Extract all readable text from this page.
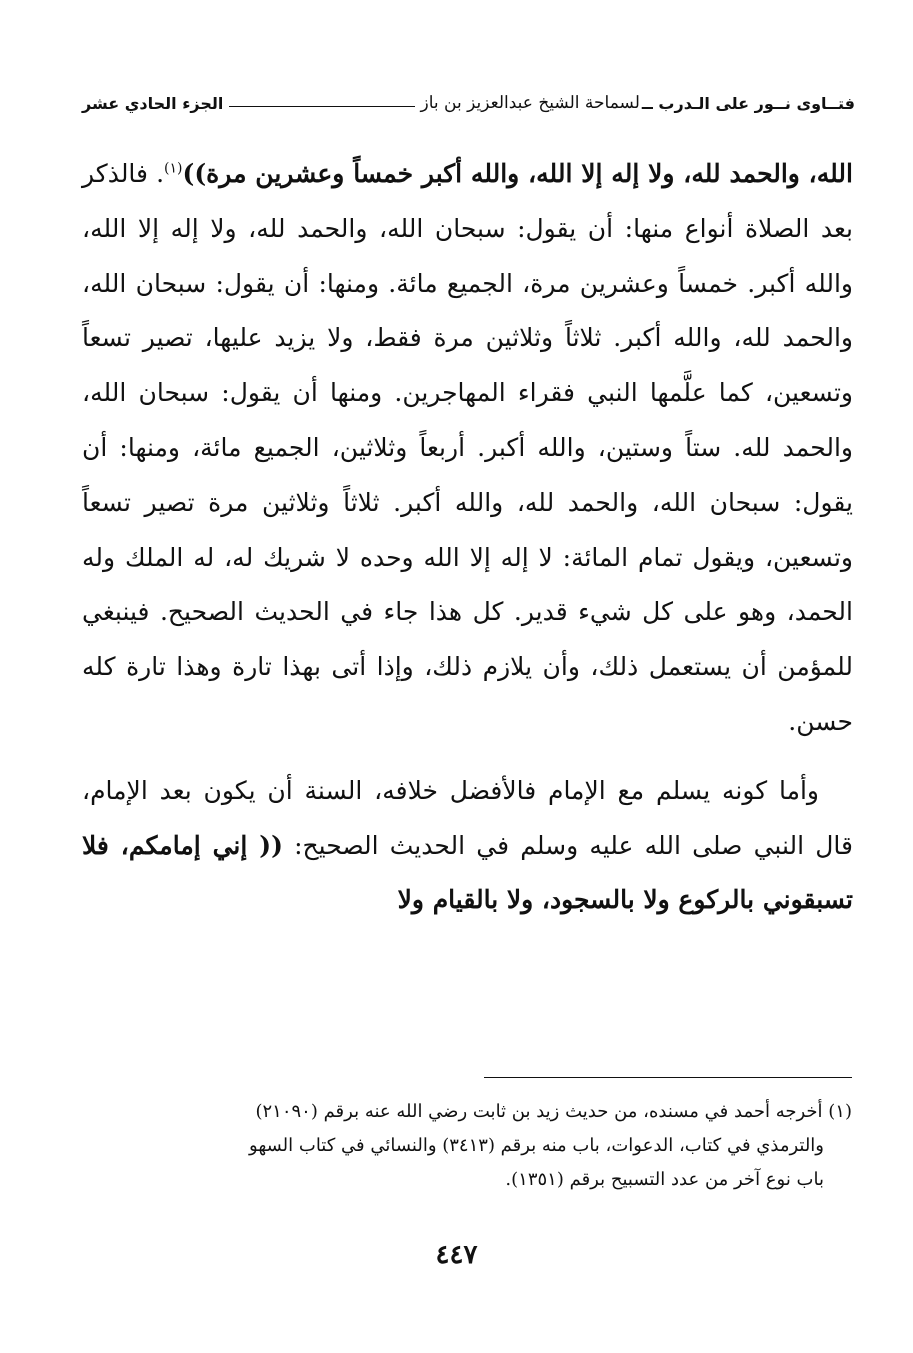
فتــاوى نــور على الـدرب ــ
لسماحة الشيخ عبدالعزيز بن باز
الجزء الحادي عشر

الله، والحمد لله، ولا إله إلا الله، والله أكبر خمساً وعشرين مرة))$^{(١)}$. فالذكر بعد الصلاة أنواع منها: أن يقول: سبحان الله، والحمد لله، ولا إله إلا الله، والله أكبر. خمساً وعشرين مرة، الجميع مائة. ومنها: أن يقول: سبحان الله، والحمد لله، والله أكبر. ثلاثاً وثلاثين مرة فقط، ولا يزيد عليها، تصير تسعاً وتسعين، كما علَّمها النبي فقراء المهاجرين. ومنها أن يقول: سبحان الله، والحمد لله. ستاً وستين، والله أكبر. أربعاً وثلاثين، الجميع مائة، ومنها: أن يقول: سبحان الله، والحمد لله، والله أكبر. ثلاثاً وثلاثين مرة تصير تسعاً وتسعين، ويقول تمام المائة: لا إله إلا الله وحده لا شريك له، له الملك وله الحمد، وهو على كل شيء قدير. كل هذا جاء في الحديث الصحيح. فينبغي للمؤمن أن يستعمل ذلك، وأن يلازم ذلك، وإذا أتى بهذا تارة وهذا تارة كله حسن.

وأما كونه يسلم مع الإمام فالأفضل خلافه، السنة أن يكون بعد الإمام، قال النبي صلى الله عليه وسلم في الحديث الصحيح: (( إني إمامكم، فلا تسبقوني بالركوع ولا بالسجود، ولا بالقيام ولا

(١) أخرجه أحمد في مسنده، من حديث زيد بن ثابت رضي الله عنه برقم (٢١٠٩٠)

والترمذي في كتاب، الدعوات، باب منه برقم (٣٤١٣) والنسائي في كتاب السهو

باب نوع آخر من عدد التسبيح برقم (١٣٥١).

٤٤٧
